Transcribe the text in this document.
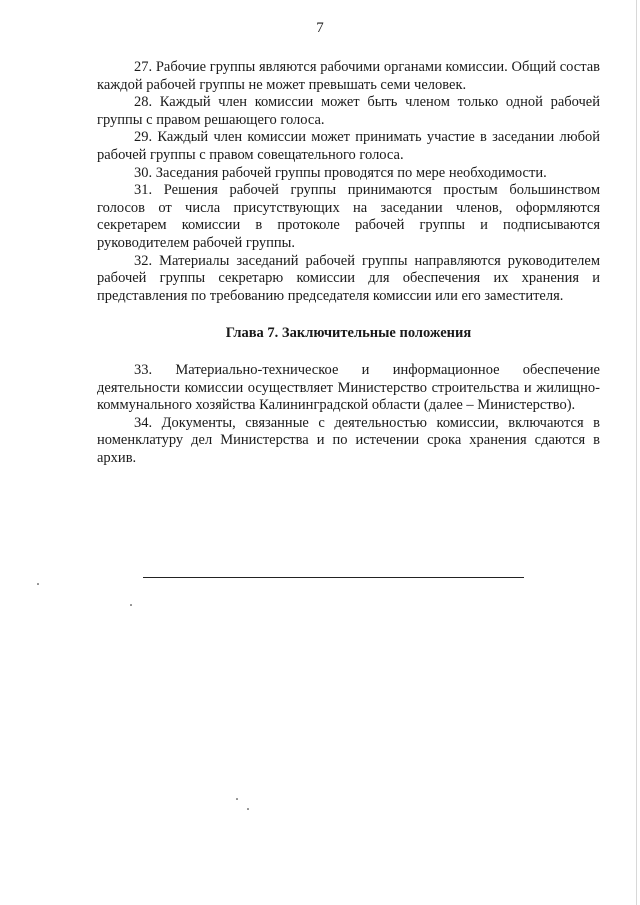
7

27. Рабочие группы являются рабочими органами комиссии. Общий состав каждой рабочей группы не может превышать семи человек.

28. Каждый член комиссии может быть членом только одной рабочей группы с правом решающего голоса.

29. Каждый член комиссии может принимать участие в заседании любой рабочей группы с правом совещательного голоса.

30. Заседания рабочей группы проводятся по мере необходимости.

31. Решения рабочей группы принимаются простым большинством голосов от числа присутствующих на заседании членов, оформляются секретарем комиссии в протоколе рабочей группы и подписываются руководителем рабочей группы.

32. Материалы заседаний рабочей группы направляются руководителем рабочей группы секретарю комиссии для обеспечения их хранения и представления по требованию председателя комиссии или его заместителя.

Глава 7. Заключительные положения

33. Материально-техническое и информационное обеспечение деятельности комиссии осуществляет Министерство строительства и жилищно-коммунального хозяйства Калининградской области (далее – Министерство).

34. Документы, связанные с деятельностью комиссии, включаются в номенклатуру дел Министерства и по истечении срока хранения сдаются в архив.
